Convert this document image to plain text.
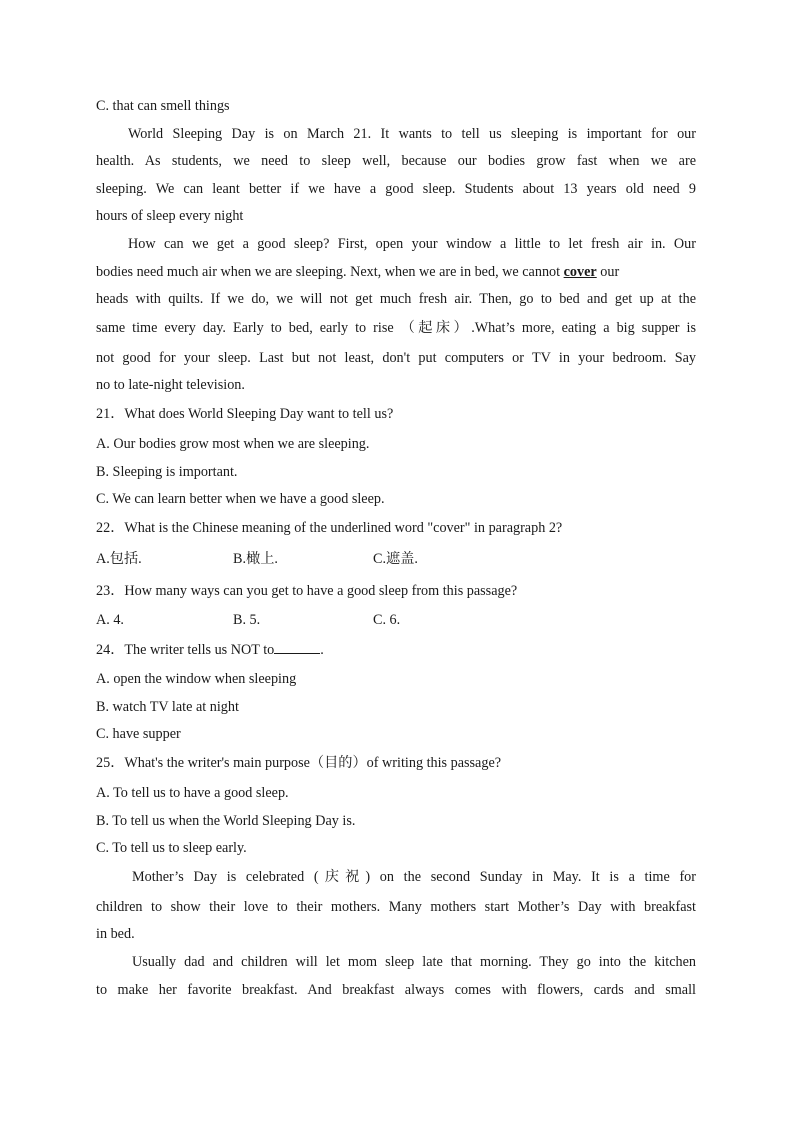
C. that can smell things
World Sleeping Day is on March 21. It wants to tell us sleeping is important for our
health. As students, we need to sleep well, because our bodies grow fast when we are
sleeping. We can leant better if we have a good sleep. Students about 13 years old need 9
hours of sleep every night
How can we get a good sleep? First, open your window a little to let fresh air in. Our
bodies need much air when we are sleeping. Next, when we are in bed, we cannot cover our
heads with quilts. If we do, we will not get much fresh air. Then, go to bed and get up at the
same time every day. Early to bed, early to rise （起床）.What’s more, eating a big supper is
not good for your sleep. Last but not least, don't put computers or TV in your bedroom. Say
no to late-night television.
21．What does World Sleeping Day want to tell us?
A. Our bodies grow most when we are sleeping.
B. Sleeping is important.
C. We can learn better when we have a good sleep.
22．What is the Chinese meaning of the underlined word "cover" in paragraph 2?
A.包括.	B.橄上.	C.遮盖.
23．How many ways can you get to have a good sleep from this passage?
A. 4.	B. 5.	C. 6.
24．The writer tells us NOT to	.
A. open the window when sleeping
B. watch TV late at night
C. have supper
25．What's the writer's main purpose（目的）of writing this passage?
A. To tell us to have a good sleep.
B. To tell us when the World Sleeping Day is.
C. To tell us to sleep early.
Mother’s Day is celebrated (庆祝) on the second Sunday in May. It is a time for
children to show their love to their mothers. Many mothers start Mother’s Day with breakfast
in bed.
Usually dad and children will let mom sleep late that morning. They go into the kitchen
to make her favorite breakfast. And breakfast always comes with flowers, cards and small
